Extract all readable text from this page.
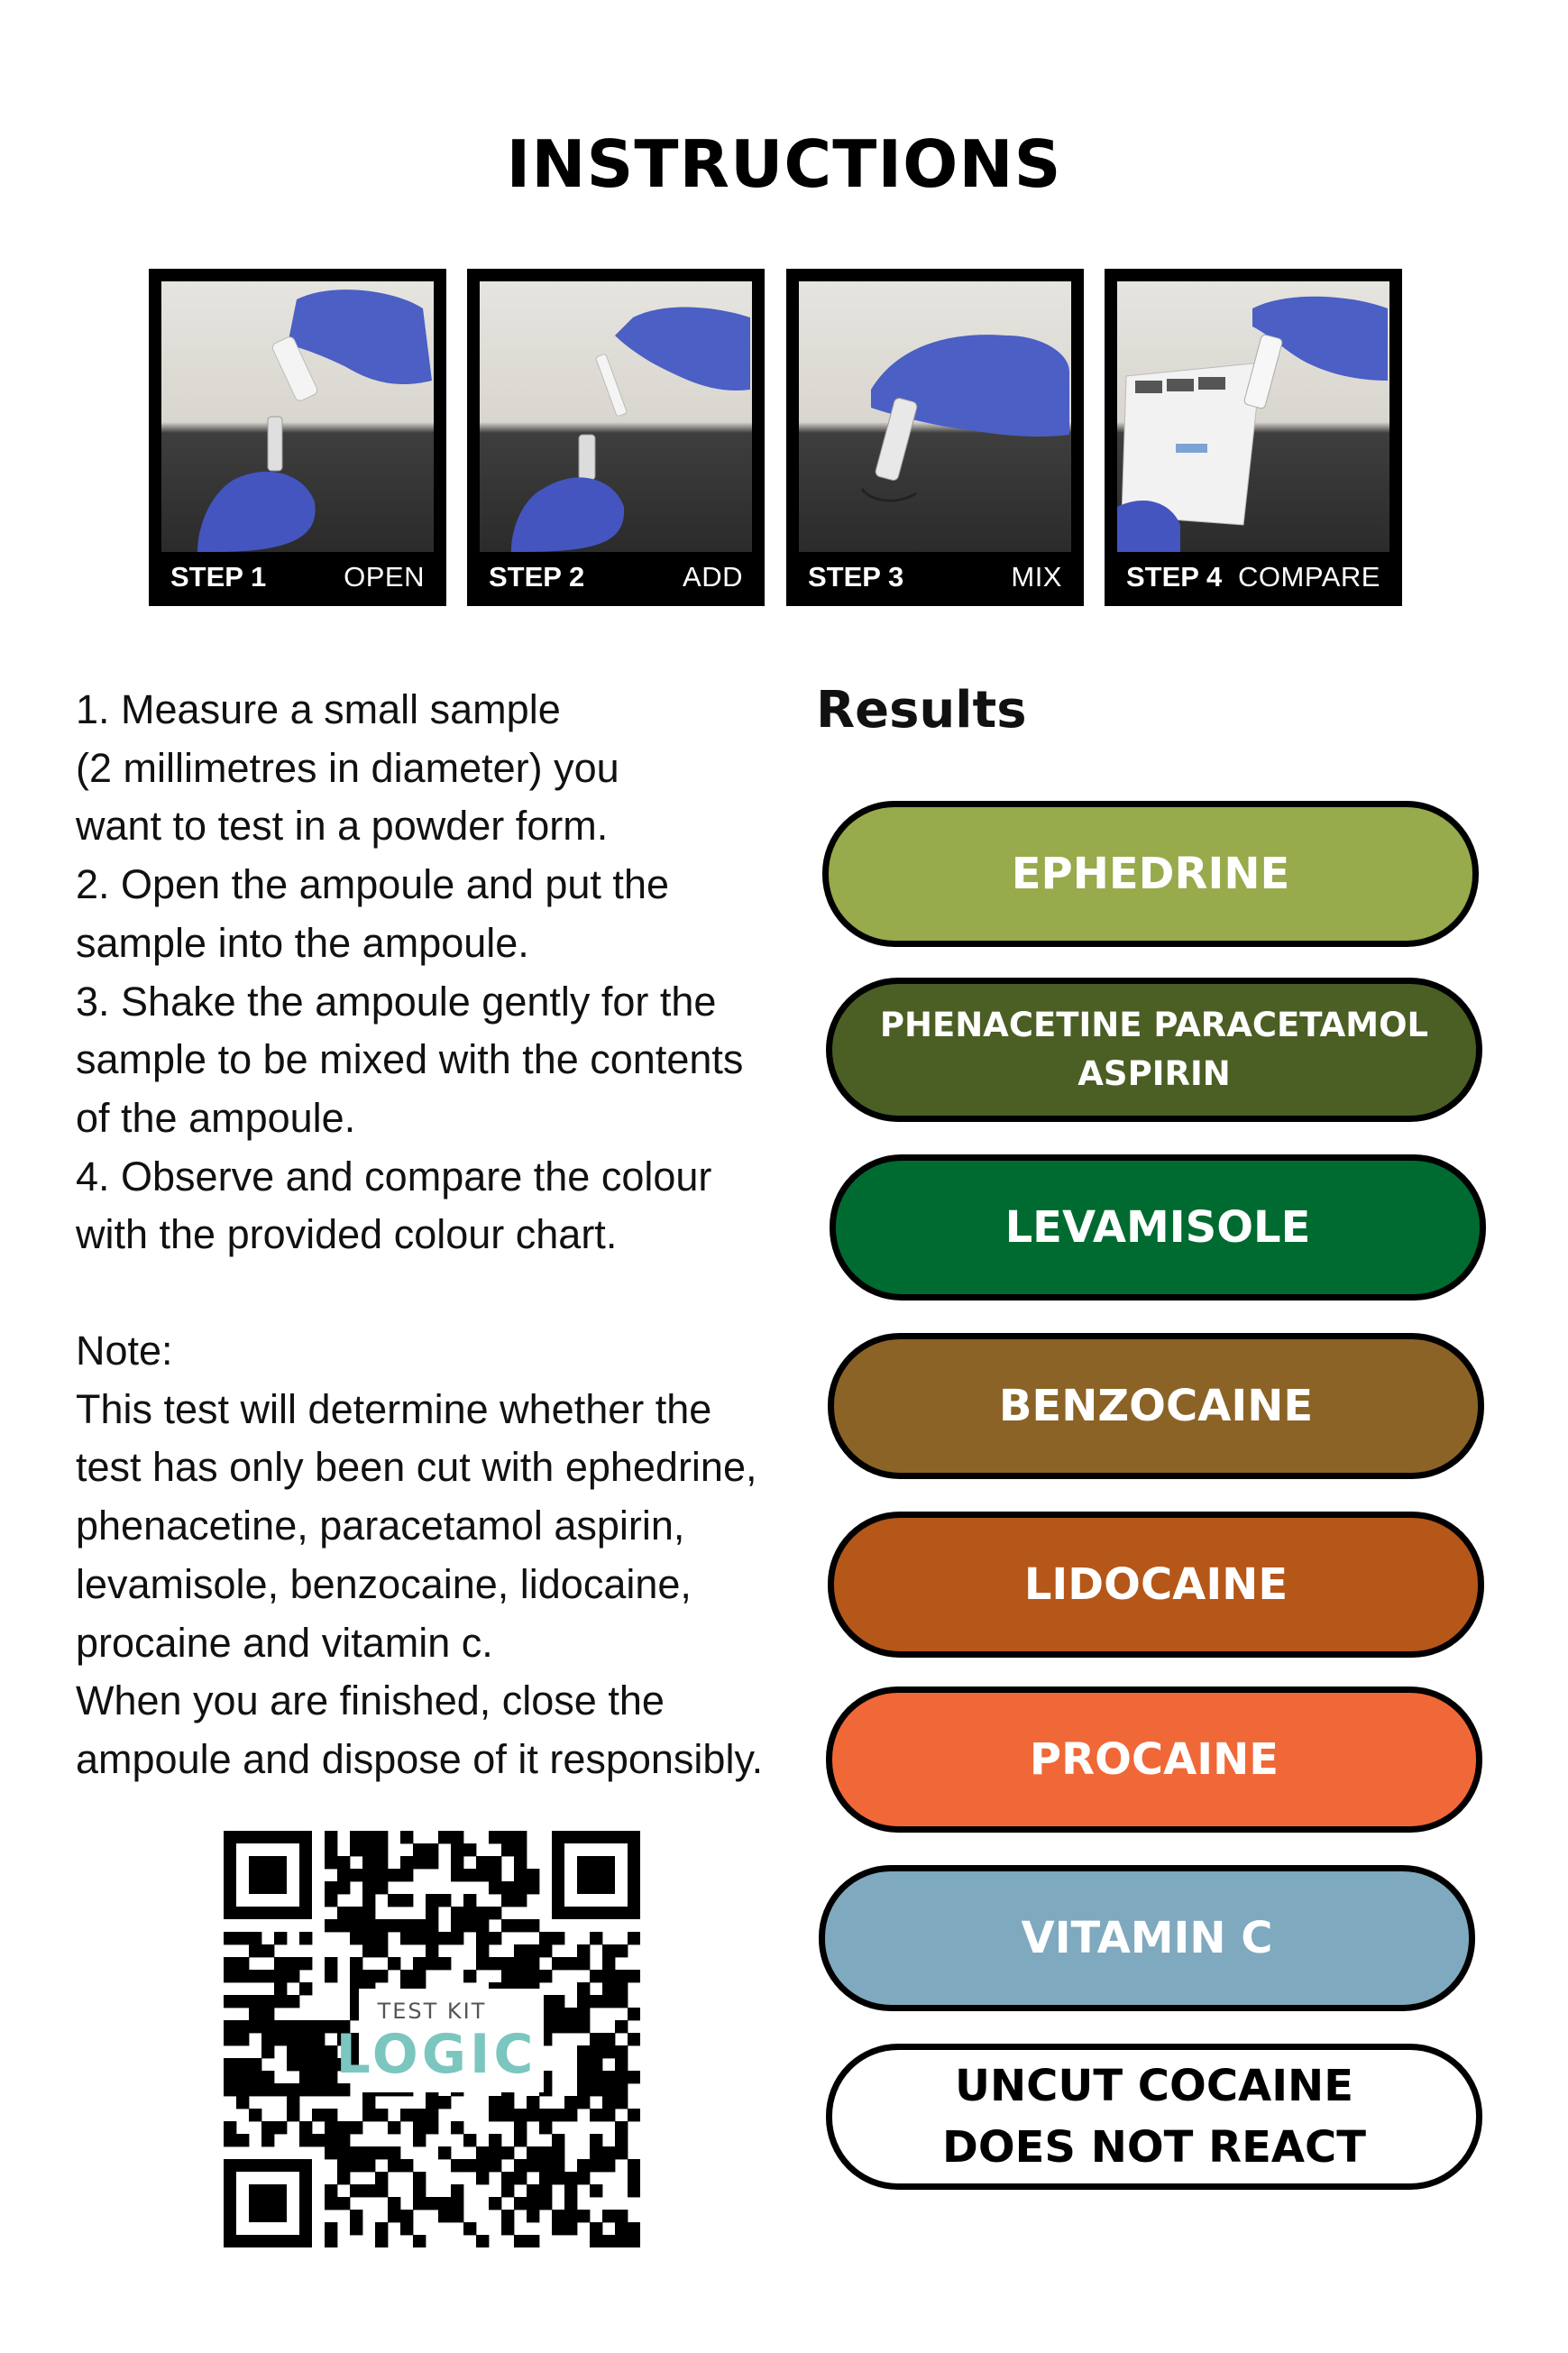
INSTRUCTIONS
STEP 1	OPEN STEP 2	ADD STEP 3	MIX STEP 4 COMPARE

1. Measure a small sample

(2 millimetres in diameter) you

want to test in a powder form.

2. Open the ampoule and put the

sample into the ampoule.

3. Shake the ampoule gently for the

sample to be mixed with the contents

of the ampoule.

4. Observe and compare the colour

with the provided colour chart.

Note:

This test will determine whether the

test has only been cut with ephedrine,

phenacetine, paracetamol aspirin,

levamisole, benzocaine, lidocaine,

procaine and vitamin c.

When you are finished, close the

ampoule and dispose of it responsibly.

Results
EPHEDRINE
PHENACETINE PARACETAMOL
ASPIRIN
LEVAMISOLE
BENZOCAINE
LIDOCAINE
PROCAINE
VITAMIN C
UNCUT COCAINE
DOES NOT REACT
TEST KIT
LOGIC
